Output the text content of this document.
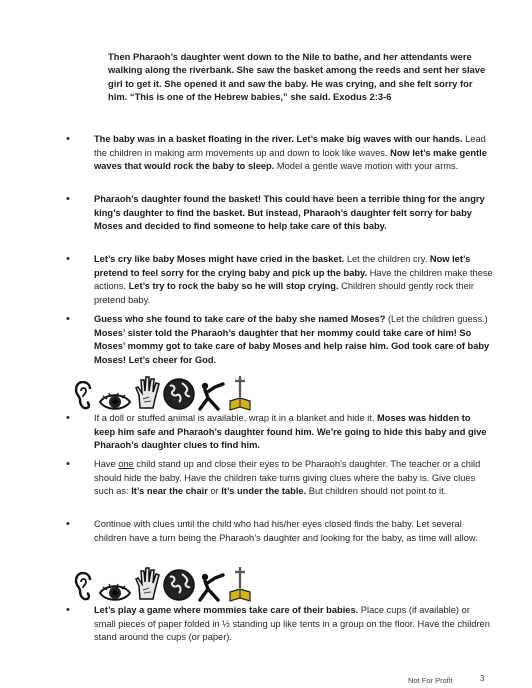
Then Pharaoh’s daughter went down to the Nile to bathe, and her attendants were walking along the riverbank. She saw the basket among the reeds and sent her slave girl to get it. She opened it and saw the baby. He was crying, and she felt sorry for him. “This is one of the Hebrew babies,” she said. Exodus 2:3-6
•	The baby was in a basket floating in the river. Let’s make big waves with our hands. Lead the children in making arm movements up and down to look like waves. Now let’s make gentle waves that would rock the baby to sleep. Model a gentle wave motion with your arms.
•	Pharaoh’s daughter found the basket! This could have been a terrible thing for the angry king’s daughter to find the basket. But instead, Pharaoh’s daughter felt sorry for baby Moses and decided to find someone to help take care of this baby.
•	Let’s cry like baby Moses might have cried in the basket. Let the children cry. Now let’s pretend to feel sorry for the crying baby and pick up the baby. Have the children make these actions. Let’s try to rock the baby so he will stop crying. Children should gently rock their pretend baby.
•	Guess who she found to take care of the baby she named Moses? (Let the children guess.) Moses’ sister told the Pharaoh’s daughter that her mommy could take care of him! So Moses’ mommy got to take care of baby Moses and help raise him. God took care of baby Moses! Let’s cheer for God.
•	If a doll or stuffed animal is available, wrap it in a blanket and hide it. Moses was hidden to keep him safe and Pharaoh’s daughter found him. We’re going to hide this baby and give Pharaoh’s daughter clues to find him.
•	Have one child stand up and close their eyes to be Pharaoh’s daughter. The teacher or a child should hide the baby. Have the children take turns giving clues where the baby is. Give clues such as: It’s near the chair or It’s under the table. But children should not point to it.
•	Continue with clues until the child who had his/her eyes closed finds the baby. Let several children have a turn being the Pharaoh’s daughter and looking for the baby, as time will allow.
•	Let’s play a game where mommies take care of their babies. Place cups (if available) or small pieces of paper folded in ½ standing up like tents in a group on the floor. Have the children stand around the cups (or paper).
Not For Profit	3
